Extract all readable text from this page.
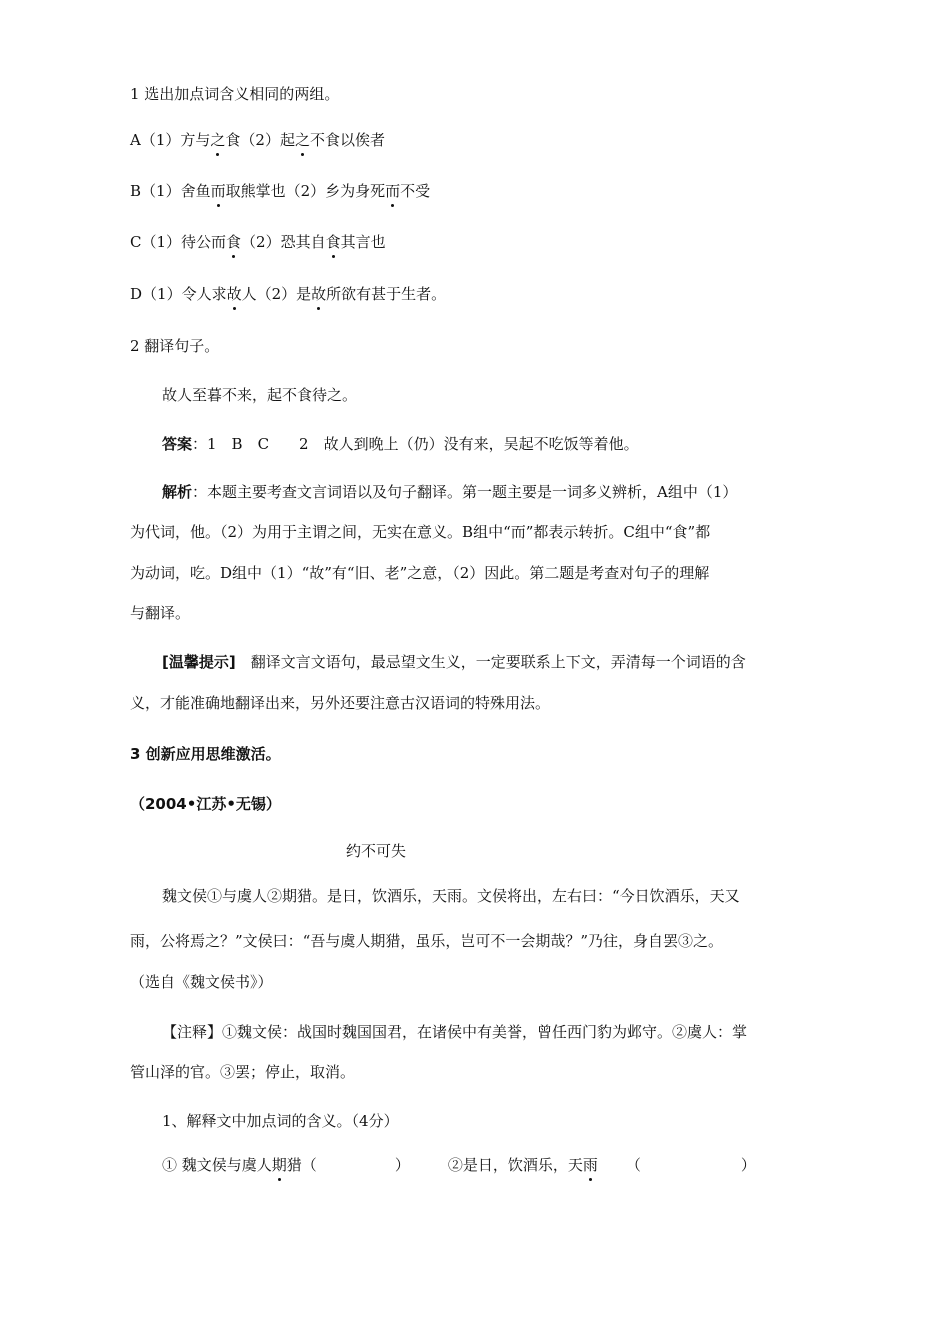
1 选出加点词含义相同的两组。
A（1）方与之食（2）起之不食以俟者
B（1）舍鱼而取熊掌也（2）乡为身死而不受
C（1）待公而食（2）恐其自食其言也
D（1）令人求故人（2）是故所欲有甚于生者。
2 翻译句子。
故人至暮不来，起不食待之。
答案：1　B　C　　2　故人到晚上（仍）没有来，吴起不吃饭等着他。
解析：本题主要考查文言词语以及句子翻译。第一题主要是一词多义辨析，A组中（1）
为代词，他。（2）为用于主谓之间，无实在意义。B组中“而”都表示转折。C组中“食”都
为动词，吃。D组中（1）“故”有“旧、老”之意，（2）因此。第二题是考查对句子的理解
与翻译。
[温馨提示]　翻译文言文语句，最忌望文生义，一定要联系上下文，弄清每一个词语的含
义，才能准确地翻译出来，另外还要注意古汉语词的特殊用法。
3 创新应用思维激活。
（2004•江苏•无锡）
约不可失
魏文侯①与虞人②期猎。是日，饮酒乐，天雨。文侯将出，左右曰：“今日饮酒乐，天又
雨，公将焉之？”文侯曰：“吾与虞人期猎，虽乐，岂可不一会期哉？”乃往，身自罢③之。
（选自《魏文侯书》）
【注释】①魏文侯：战国时魏国国君，在诸侯中有美誉，曾任西门豹为邺守。②虞人：掌
管山泽的官。③罢；停止，取消。
1、解释文中加点词的含义。（4分）
① 魏文侯与虞人期猎（	）	②是日，饮酒乐，天雨 （	）
